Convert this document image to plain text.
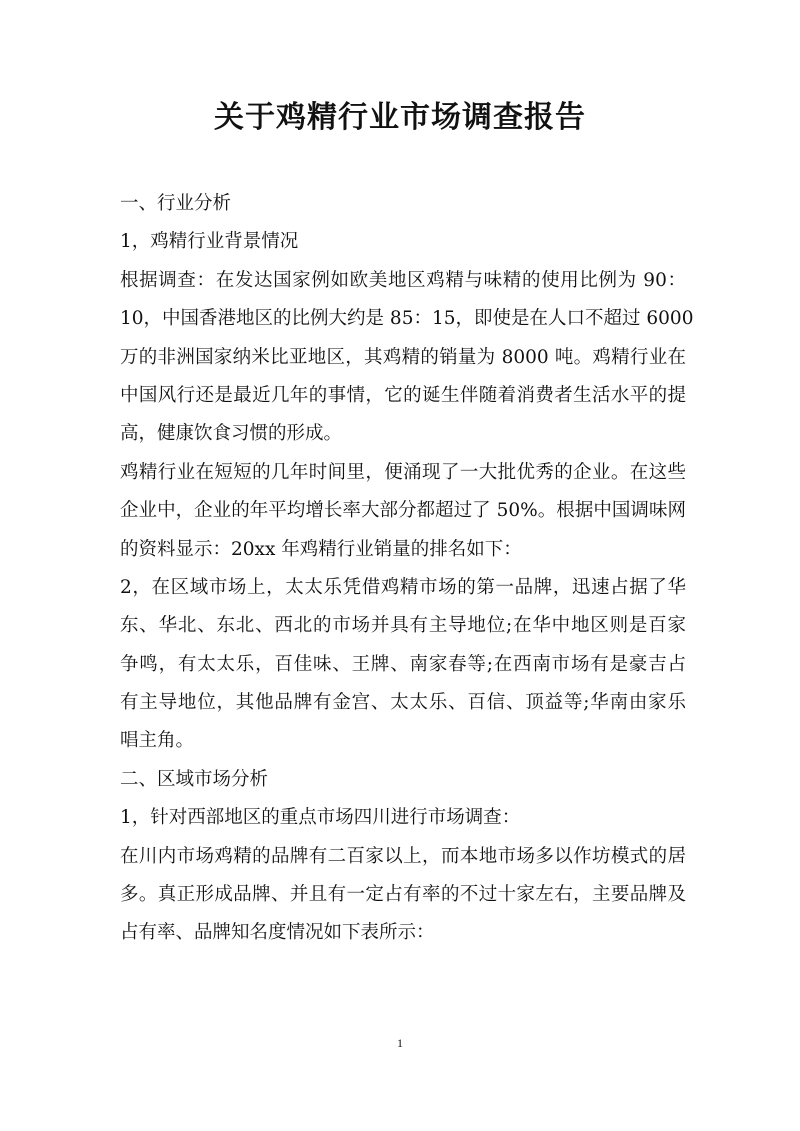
关于鸡精行业市场调查报告
一、行业分析
1，鸡精行业背景情况
根据调查：在发达国家例如欧美地区鸡精与味精的使用比例为 90：
10，中国香港地区的比例大约是 85：15，即使是在人口不超过 6000
万的非洲国家纳米比亚地区，其鸡精的销量为 8000 吨。鸡精行业在
中国风行还是最近几年的事情，它的诞生伴随着消费者生活水平的提
高，健康饮食习惯的形成。
鸡精行业在短短的几年时间里，便涌现了一大批优秀的企业。在这些
企业中，企业的年平均增长率大部分都超过了 50%。根据中国调味网
的资料显示：20xx 年鸡精行业销量的排名如下：
2，在区域市场上，太太乐凭借鸡精市场的第一品牌，迅速占据了华
东、华北、东北、西北的市场并具有主导地位;在华中地区则是百家
争鸣，有太太乐，百佳味、王牌、南家春等;在西南市场有是豪吉占
有主导地位，其他品牌有金宫、太太乐、百信、顶益等;华南由家乐
唱主角。
二、区域市场分析
1，针对西部地区的重点市场四川进行市场调查：
在川内市场鸡精的品牌有二百家以上，而本地市场多以作坊模式的居
多。真正形成品牌、并且有一定占有率的不过十家左右，主要品牌及
占有率、品牌知名度情况如下表所示：
1
